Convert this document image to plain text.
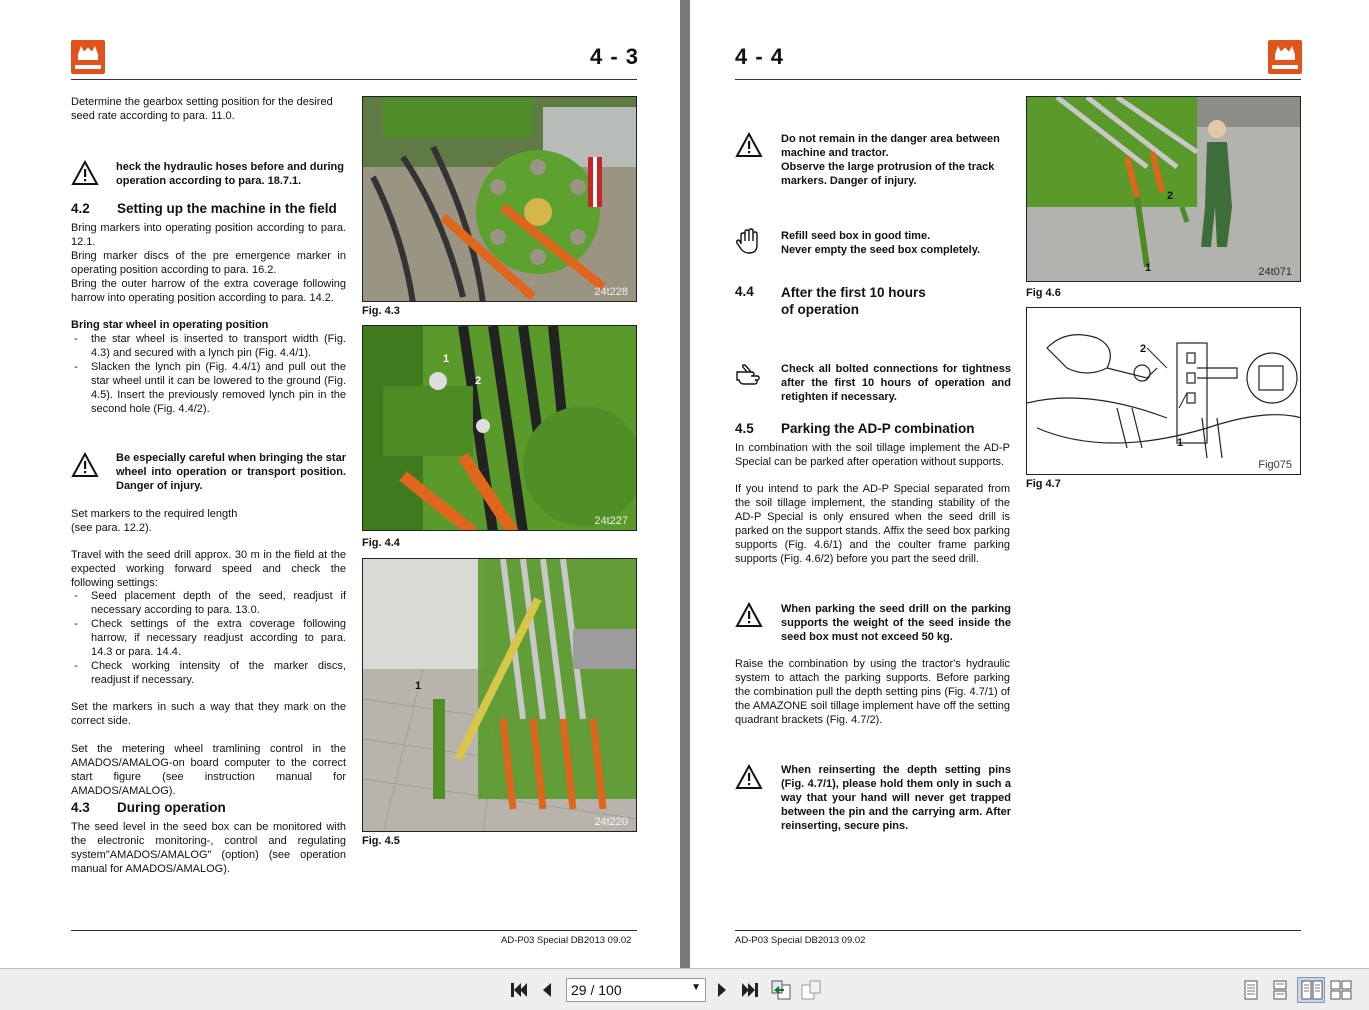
4 - 3
Determine the gearbox setting position for the desired seed rate according to para. 11.0.
heck the hydraulic hoses before and during operation according to para. 18.7.1.
4.2 Setting up the machine in the field
Bring markers into operating position according to para. 12.1.
Bring marker discs of the pre emergence marker in operating position according to para. 16.2.
Bring the outer harrow of the extra coverage following harrow into operating position according to para. 14.2.
Bring star wheel in operating position
- the star wheel is inserted to transport width (Fig. 4.3) and secured with a lynch pin (Fig. 4.4/1).
- Slacken the lynch pin (Fig. 4.4/1) and pull out the star wheel until it can be lowered to the ground (Fig. 4.5). Insert the previously removed lynch pin in the second hole (Fig. 4.4/2).
Be especially careful when bringing the star wheel into operation or transport position. Danger of injury.
Set markers to the required length
(see para. 12.2).
Travel with the seed drill approx. 30 m in the field at the expected working forward speed and check the following settings:
- Seed placement depth of the seed, readjust if necessary according to para. 13.0.
- Check settings of the extra coverage following harrow, if necessary readjust according to para. 14.3 or para. 14.4.
- Check working intensity of the marker discs, readjust if necessary.
Set the markers in such a way that they mark on the correct side.
Set the metering wheel tramlining control in the AMADOS/AMALOG-on board computer to the correct start figure (see instruction manual for AMADOS/AMALOG).
4.3 During operation
The seed level in the seed box can be monitored with the electronic monitoring-, control and regulating system"AMADOS/AMALOG" (option) (see operation manual for AMADOS/AMALOG).
24t228
Fig. 4.3
1
2
24t227
Fig. 4.4
1
24t220
Fig. 4.5
AD-P03 Special DB2013 09.02
4 - 4
Do not remain in the danger area between machine and tractor.
Observe the large protrusion of the track markers. Danger of injury.
Refill seed box in good time.
Never empty the seed box completely.
4.4	After the first 10 hours
of operation
Check all bolted connections for tightness after the first 10 hours of operation and retighten if necessary.
4.5 Parking the AD-P combination
In combination with the soil tillage implement the AD-P Special can be parked after operation without supports.
If you intend to park the AD-P Special separated from the soil tillage implement, the standing stability of the AD-P Special is only ensured when the seed drill is parked on the support stands. Affix the seed box parking supports (Fig. 4.6/1) and the coulter frame parking supports (Fig. 4.6/2) before you part the seed drill.
When parking the seed drill on the parking supports the weight of the seed inside the seed box must not exceed 50 kg.
Raise the combination by using the tractor's hydraulic system to attach the parking supports. Before parking the combination pull the depth setting pins (Fig. 4.7/1) of the AMAZONE soil tillage implement have off the setting quadrant brackets (Fig. 4.7/2).
When reinserting the depth setting pins (Fig. 4.7/1), please hold them only in such a way that your hand will never get trapped between the pin and the carrying arm. After reinserting, secure pins.
1
2
24t071
Fig 4.6
1
2
Fig075
Fig 4.7
AD-P03 Special DB2013 09.02
29
/
100	▼
